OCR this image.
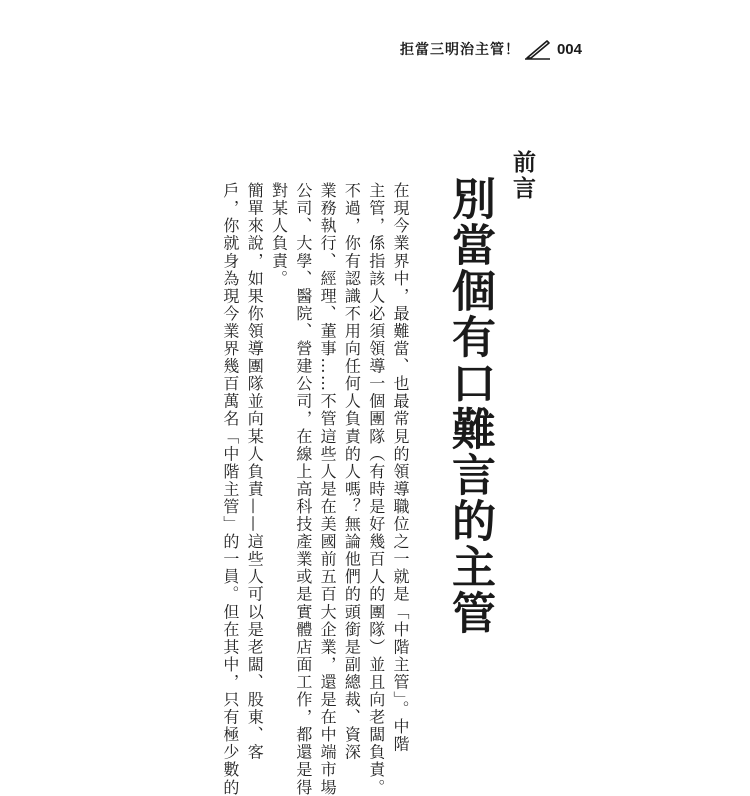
拒當三明治主管！ 004
前言
別當個有口難言的主管
在現今業界中，最難當、也最常見的領導職位之一就是「中階主管」。中階
主管，係指該人必須領導一個團隊（有時是好幾百人的團隊）並且向老闆負責。
不過，你有認識不用向任何人負責的人嗎？無論他們的頭銜是副總裁、資深
業務執行、經理、董事……不管這些人是在美國前五百大企業，還是在中端市場
公司、大學、醫院、營建公司，在線上高科技產業或是實體店面工作，都還是得
對某人負責。
簡單來說，如果你領導團隊並向某人負責——這些人可以是老闆、股東、客
戶，你就身為現今業界幾百萬名「中階主管」的一員。但在其中，只有極少數的
